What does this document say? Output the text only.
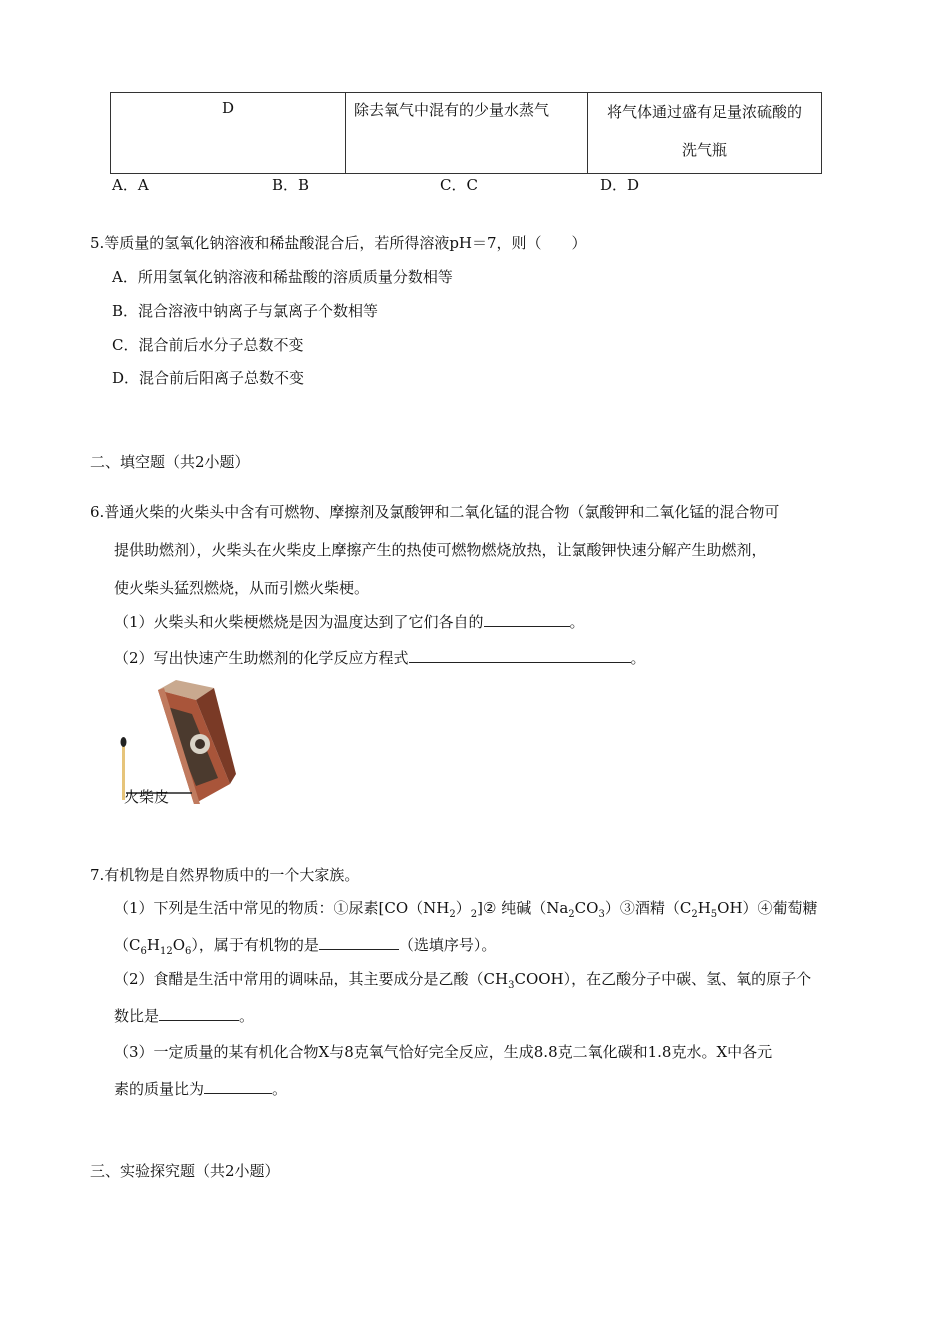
D	除去氧气中混有的少量水蒸气	将气体通过盛有足量浓硫酸的
洗气瓶
A．A	B．B	C．C	D．D
5.等质量的氢氧化钠溶液和稀盐酸混合后，若所得溶液pH＝7，则（　　）
A．所用氢氧化钠溶液和稀盐酸的溶质质量分数相等
B．混合溶液中钠离子与氯离子个数相等
C．混合前后水分子总数不变
D．混合前后阳离子总数不变
二、填空题（共2小题）
6.普通火柴的火柴头中含有可燃物、摩擦剂及氯酸钾和二氧化锰的混合物（氯酸钾和二氧化锰的混合物可
提供助燃剂），火柴头在火柴皮上摩擦产生的热使可燃物燃烧放热，让氯酸钾快速分解产生助燃剂，
使火柴头猛烈燃烧，从而引燃火柴梗。
（1）火柴头和火柴梗燃烧是因为温度达到了它们各自的	。
（2）写出快速产生助燃剂的化学反应方程式	。
火柴皮
7.有机物是自然界物质中的一个大家族。
（1）下列是生活中常见的物质：①尿素$[CO(NH_2)_2]②$ 纯碱$(Na_2CO_3)③$酒精$(C_2H_5OH)④$葡萄糖
$(C_6H_{12}O_6)$，属于有机物的是	（选填序号）。
（2）食醋是生活中常用的调味品，其主要成分是乙酸$(CH_3COOH)$，在乙酸分子中碳、氢、氧的原子个
数比是	。
（3）一定质量的某有机化合物X与8克氧气恰好完全反应，生成8.8克二氧化碳和1.8克水。X中各元
素的质量比为	。
三、实验探究题（共2小题）
